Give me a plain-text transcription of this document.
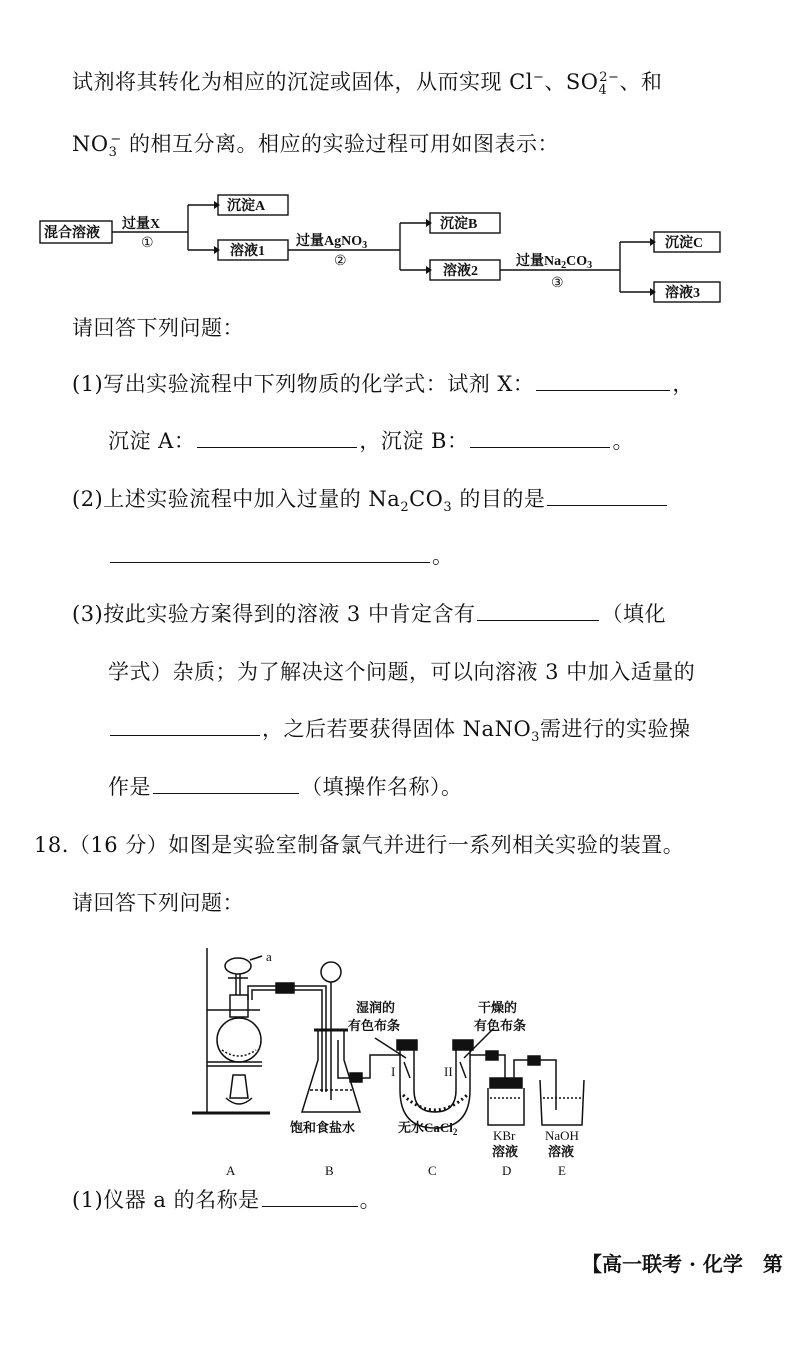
试剂将其转化为相应的沉淀或固体，从而实现 Cl−、$SO_4^{2-}$、和
$NO_3^-$ 的相互分离。相应的实验过程可用如图表示：
混合溶液
过量X
①
沉淀A
溶液1
过量AgNO$_3$
②
沉淀B
溶液2
过量$Na_2CO_3$
③
沉淀C
溶液3
请回答下列问题：
(1)写出实验流程中下列物质的化学式：试剂 X：	，
沉淀 A：	，沉淀 B：	。
(2)上述实验流程中加入过量的 $Na_2CO_3$ 的目的是
。
(3)按此实验方案得到的溶液 3 中肯定含有	（填化
学式）杂质；为了解决这个问题，可以向溶液 3 中加入适量的
，之后若要获得固体 NaNO$_3$需进行的实验操
作是	（填操作名称）。
18.（16 分）如图是实验室制备氯气并进行一系列相关实验的装置。
请回答下列问题：
a
湿润的
有色布条
干燥的
有色布条
I	II
饱和食盐水	无水CaCl$_2$	KBr
溶液
NaOH
溶液
A	B	C	D	E
(1)仪器 a 的名称是	。
【高一联考 · 化学　第
